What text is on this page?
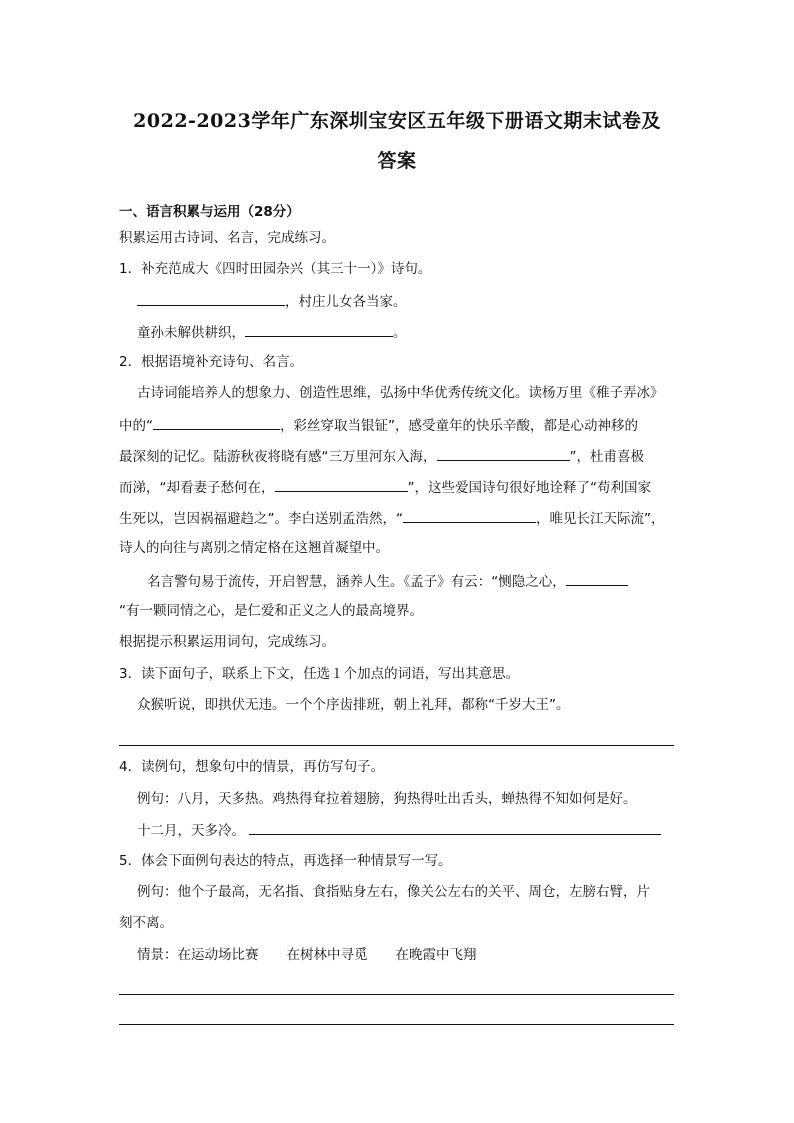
2022-2023学年广东深圳宝安区五年级下册语文期末试卷及
答案
一、语言积累与运用（28分）
积累运用古诗词、名言，完成练习。
1．补充范成大《四时田园杂兴（其三十一）》诗句。
，村庄儿女各当家。
童孙未解供耕织，	。
2．根据语境补充诗句、名言。
古诗词能培养人的想象力、创造性思维，弘扬中华优秀传统文化。读杨万里《稚子弄冰》
中的“	，彩丝穿取当银钲”，感受童年的快乐辛酸，都是心动神移的
最深刻的记忆。陆游秋夜将晓有感“三万里河东入海，	”，杜甫喜极
而涕，“却看妻子愁何在，	”，这些爱国诗句很好地诠释了“苟利国家
生死以，岂因祸福避趋之”。李白送别孟浩然，“	，唯见长江天际流”，
诗人的向往与离别之情定格在这翘首凝望中。
名言警句易于流传，开启智慧，涵养人生。《孟子》有云：“恻隐之心，
“有一颗同情之心，是仁爱和正义之人的最高境界。
根据提示积累运用词句，完成练习。
3．读下面句子，联系上下文，任选１个加点的词语，写出其意思。
众猴听说，即拱伏无违。一个个序齿排班，朝上礼拜，都称“千岁大王”。
4．读例句，想象句中的情景，再仿写句子。
例句：八月，天多热。鸡热得耷拉着翅膀，狗热得吐出舌头，蝉热得不知如何是好。
十二月，天多冷。
5．体会下面例句表达的特点，再选择一种情景写一写。
例句：他个子最高，无名指、食指贴身左右，像关公左右的关平、周仓，左膀右臂，片
刻不离。
情景：在运动场比赛 在树林中寻觅 在晚霞中飞翔
